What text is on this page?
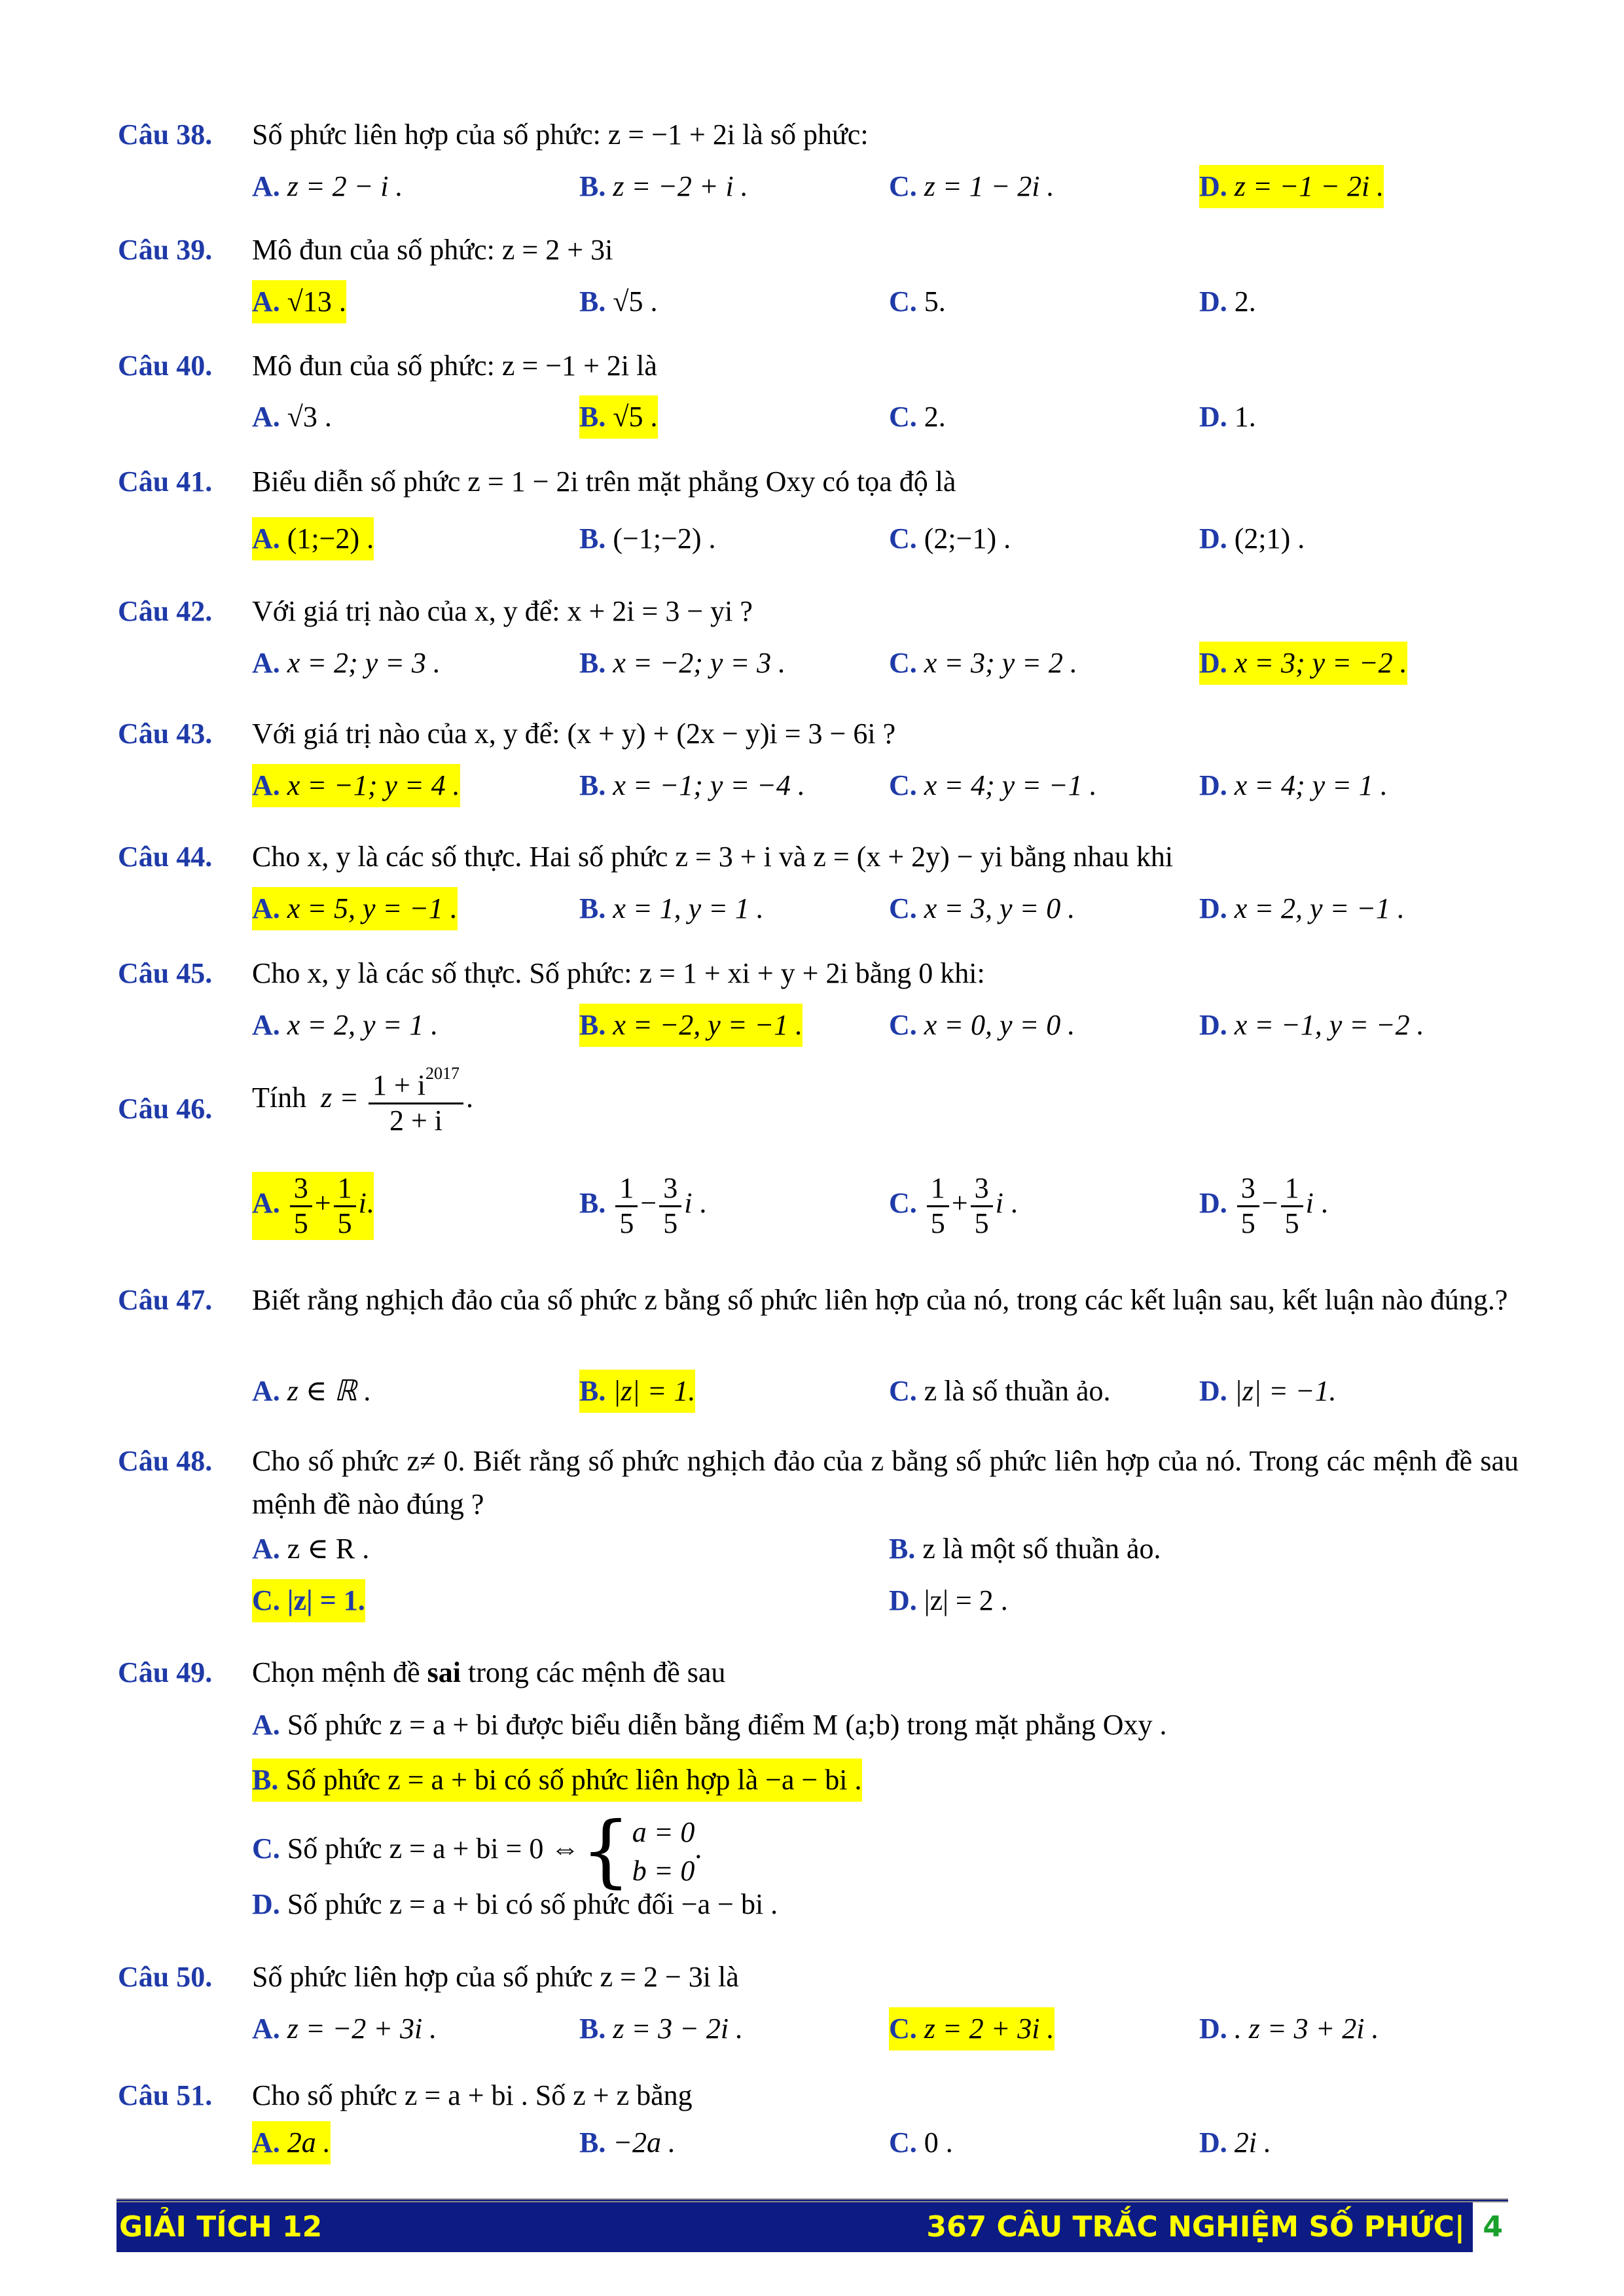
Câu 38. Số phức liên hợp của số phức: z = −1 + 2i là số phức:
A. z = 2 − i .	B. z = −2 + i .	C. z = 1 − 2i .	D. z = −1 − 2i .
Câu 39. Mô đun của số phức: z = 2 + 3i
A. √13 .	B. √5 .	C. 5.	D. 2.
Câu 40. Mô đun của số phức: z = −1 + 2i là
A. √3 .	B. √5 .	C. 2.	D. 1.
Câu 41. Biểu diễn số phức z = 1 − 2i trên mặt phẳng Oxy có tọa độ là
A. (1;−2) .	B. (−1;−2) .	C. (2;−1) .	D. (2;1) .
Câu 42. Với giá trị nào của x, y để: x + 2i = 3 − yi ?
A. x = 2; y = 3 .	B. x = −2; y = 3 .	C. x = 3; y = 2 .	D. x = 3; y = −2 .
Câu 43. Với giá trị nào của x, y để: (x + y) + (2x − y)i = 3 − 6i ?
A. x = −1; y = 4 .	B. x = −1; y = −4 .	C. x = 4; y = −1 .	D. x = 4; y = 1 .
Câu 44. Cho x, y là các số thực. Hai số phức z = 3 + i và z = (x + 2y) − yi bằng nhau khi
A. x = 5, y = −1 .	B. x = 1, y = 1 .	C. x = 3, y = 0 .	D. x = 2, y = −1 .
Câu 45. Cho x, y là các số thực. Số phức: z = 1 + xi + y + 2i bằng 0 khi:
A. x = 2, y = 1 .	B. x = −2, y = −1 .	C. x = 0, y = 0 .	D. x = −1, y = −2 .
Câu 46. Tính  $z = \frac{1 + i^{2017}}{2 + i}$ .
A. $\frac{3}{5} + \frac{1}{5} i$.	B. $\frac{1}{5} - \frac{3}{5}$ i .	C. $\frac{1}{5} + \frac{3}{5}$ i .	D. $\frac{3}{5} - \frac{1}{5}$ i .
Câu 47. Biết rằng nghịch đảo của số phức z bằng số phức liên hợp của nó, trong các kết luận sau, kết luận nào đúng.?
A. z ∈ ℝ .	B. |z| = 1.	C. z là số thuần ảo.	D. |z| = −1.
Câu 48. Cho số phức z≠ 0. Biết rằng số phức nghịch đảo của z bằng số phức liên hợp của nó. Trong các mệnh đề sau mệnh đề nào đúng ?
A. z ∈ R .	B. z là một số thuần ảo.
C. |z| = 1.	D. |z| = 2 .
Câu 49. Chọn mệnh đề sai trong các mệnh đề sau
A. Số phức z = a + bi được biểu diễn bằng điểm M (a;b) trong mặt phẳng Oxy .
B. Số phức z = a + bi có số phức liên hợp là −a − bi .
C. Số phức z = a + bi = 0 ⇔{ a = 0
b = 0
.
D. Số phức z = a + bi có số phức đối −a − bi .
Câu 50. Số phức liên hợp của số phức z = 2 − 3i là
A. z = −2 + 3i .	B. z = 3 − 2i .	C. z = 2 + 3i .	D. . z = 3 + 2i .
Câu 51. Cho số phức z = a + bi . Số z + z bằng
A. 2a .	B. −2a .	C. 0 .	D. 2i .
GIẢI TÍCH 12	367 CÂU TRẮC NGHIỆM SỐ PHỨC| 4
